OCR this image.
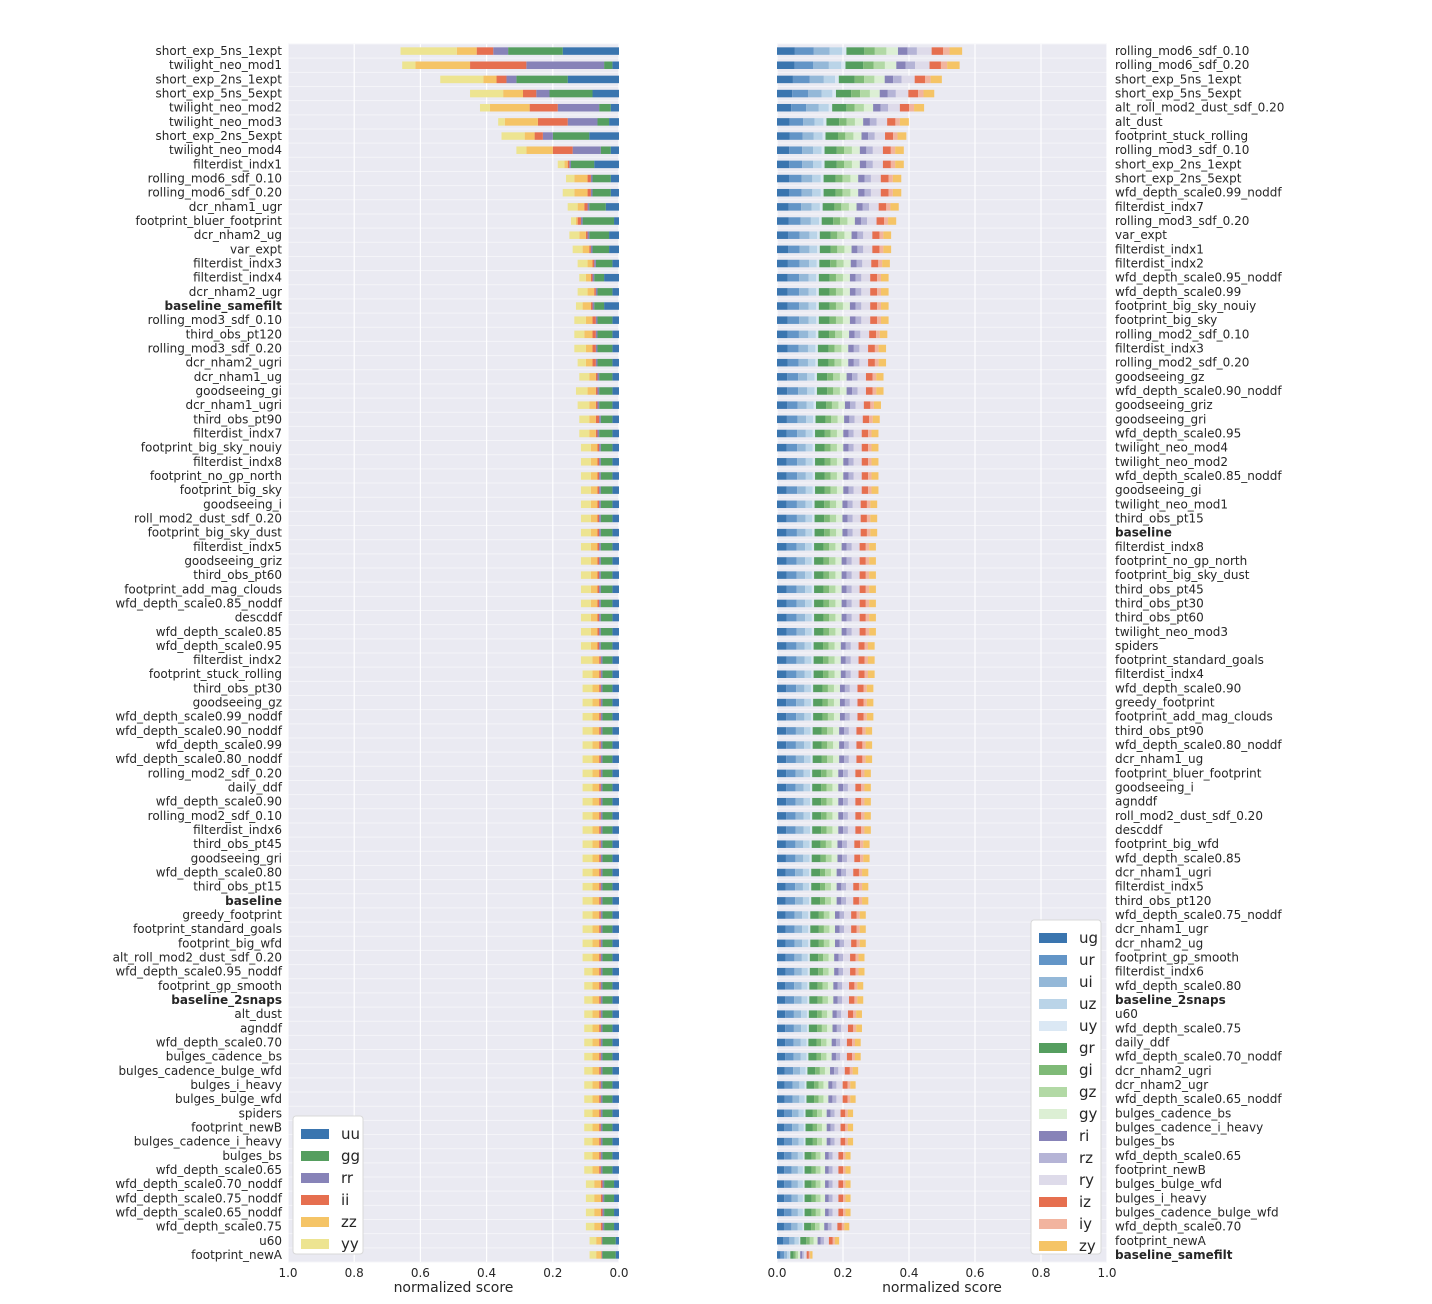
1.0	0.8	0.6	0.4	0.2	0.0
normalized score
short_exp_5ns_1expt
twilight_neo_mod1
short_exp_2ns_1expt
short_exp_5ns_5expt
twilight_neo_mod2
twilight_neo_mod3
short_exp_2ns_5expt
twilight_neo_mod4
filterdist_indx1
rolling_mod6_sdf_0.10
rolling_mod6_sdf_0.20
dcr_nham1_ugr
footprint_bluer_footprint
dcr_nham2_ug
var_expt
filterdist_indx3
filterdist_indx4
dcr_nham2_ugr
baseline_samefilt
rolling_mod3_sdf_0.10
third_obs_pt120
rolling_mod3_sdf_0.20
dcr_nham2_ugri
dcr_nham1_ug
goodseeing_gi
dcr_nham1_ugri
third_obs_pt90
filterdist_indx7
footprint_big_sky_nouiy
filterdist_indx8
footprint_no_gp_north
footprint_big_sky
goodseeing_i
roll_mod2_dust_sdf_0.20
footprint_big_sky_dust
filterdist_indx5
goodseeing_griz
third_obs_pt60
footprint_add_mag_clouds
wfd_depth_scale0.85_noddf
descddf
wfd_depth_scale0.85
wfd_depth_scale0.95
filterdist_indx2
footprint_stuck_rolling
third_obs_pt30
goodseeing_gz
wfd_depth_scale0.99_noddf
wfd_depth_scale0.90_noddf
wfd_depth_scale0.99
wfd_depth_scale0.80_noddf
rolling_mod2_sdf_0.20
daily_ddf
wfd_depth_scale0.90
rolling_mod2_sdf_0.10
filterdist_indx6
third_obs_pt45
goodseeing_gri
wfd_depth_scale0.80
third_obs_pt15
baseline
greedy_footprint
footprint_standard_goals
footprint_big_wfd
alt_roll_mod2_dust_sdf_0.20
wfd_depth_scale0.95_noddf
footprint_gp_smooth
baseline_2snaps
alt_dust
agnddf
wfd_depth_scale0.70
bulges_cadence_bs
bulges_cadence_bulge_wfd
bulges_i_heavy
bulges_bulge_wfd
spiders
footprint_newB
bulges_cadence_i_heavy
bulges_bs
wfd_depth_scale0.65
wfd_depth_scale0.70_noddf
wfd_depth_scale0.75_noddf
wfd_depth_scale0.65_noddf
wfd_depth_scale0.75
u60
footprint_newA
uu
gg
rr
ii
zz
yy
0.0	0.2	0.4	0.6	0.8	1.0
normalized score
rolling_mod6_sdf_0.10
rolling_mod6_sdf_0.20
short_exp_5ns_1expt
short_exp_5ns_5expt
alt_roll_mod2_dust_sdf_0.20
alt_dust
footprint_stuck_rolling
rolling_mod3_sdf_0.10
short_exp_2ns_1expt
short_exp_2ns_5expt
wfd_depth_scale0.99_noddf
filterdist_indx7
rolling_mod3_sdf_0.20
var_expt
filterdist_indx1
filterdist_indx2
wfd_depth_scale0.95_noddf
wfd_depth_scale0.99
footprint_big_sky_nouiy
footprint_big_sky
rolling_mod2_sdf_0.10
filterdist_indx3
rolling_mod2_sdf_0.20
goodseeing_gz
wfd_depth_scale0.90_noddf
goodseeing_griz
goodseeing_gri
wfd_depth_scale0.95
twilight_neo_mod4
twilight_neo_mod2
wfd_depth_scale0.85_noddf
goodseeing_gi
twilight_neo_mod1
third_obs_pt15
baseline
filterdist_indx8
footprint_no_gp_north
footprint_big_sky_dust
third_obs_pt45
third_obs_pt30
third_obs_pt60
twilight_neo_mod3
spiders
footprint_standard_goals
filterdist_indx4
wfd_depth_scale0.90
greedy_footprint
footprint_add_mag_clouds
third_obs_pt90
wfd_depth_scale0.80_noddf
dcr_nham1_ug
footprint_bluer_footprint
goodseeing_i
agnddf
roll_mod2_dust_sdf_0.20
descddf
footprint_big_wfd
wfd_depth_scale0.85
dcr_nham1_ugri
filterdist_indx5
third_obs_pt120
wfd_depth_scale0.75_noddf
dcr_nham1_ugr
dcr_nham2_ug
footprint_gp_smooth
filterdist_indx6
wfd_depth_scale0.80
baseline_2snaps
u60
wfd_depth_scale0.75
daily_ddf
wfd_depth_scale0.70_noddf
dcr_nham2_ugri
dcr_nham2_ugr
wfd_depth_scale0.65_noddf
bulges_cadence_bs
bulges_cadence_i_heavy
bulges_bs
wfd_depth_scale0.65
footprint_newB
bulges_bulge_wfd
bulges_i_heavy
bulges_cadence_bulge_wfd
wfd_depth_scale0.70
footprint_newA
baseline_samefilt
ug
ur
ui
uz
uy
gr
gi
gz
gy
ri
rz
ry
iz
iy
zy
